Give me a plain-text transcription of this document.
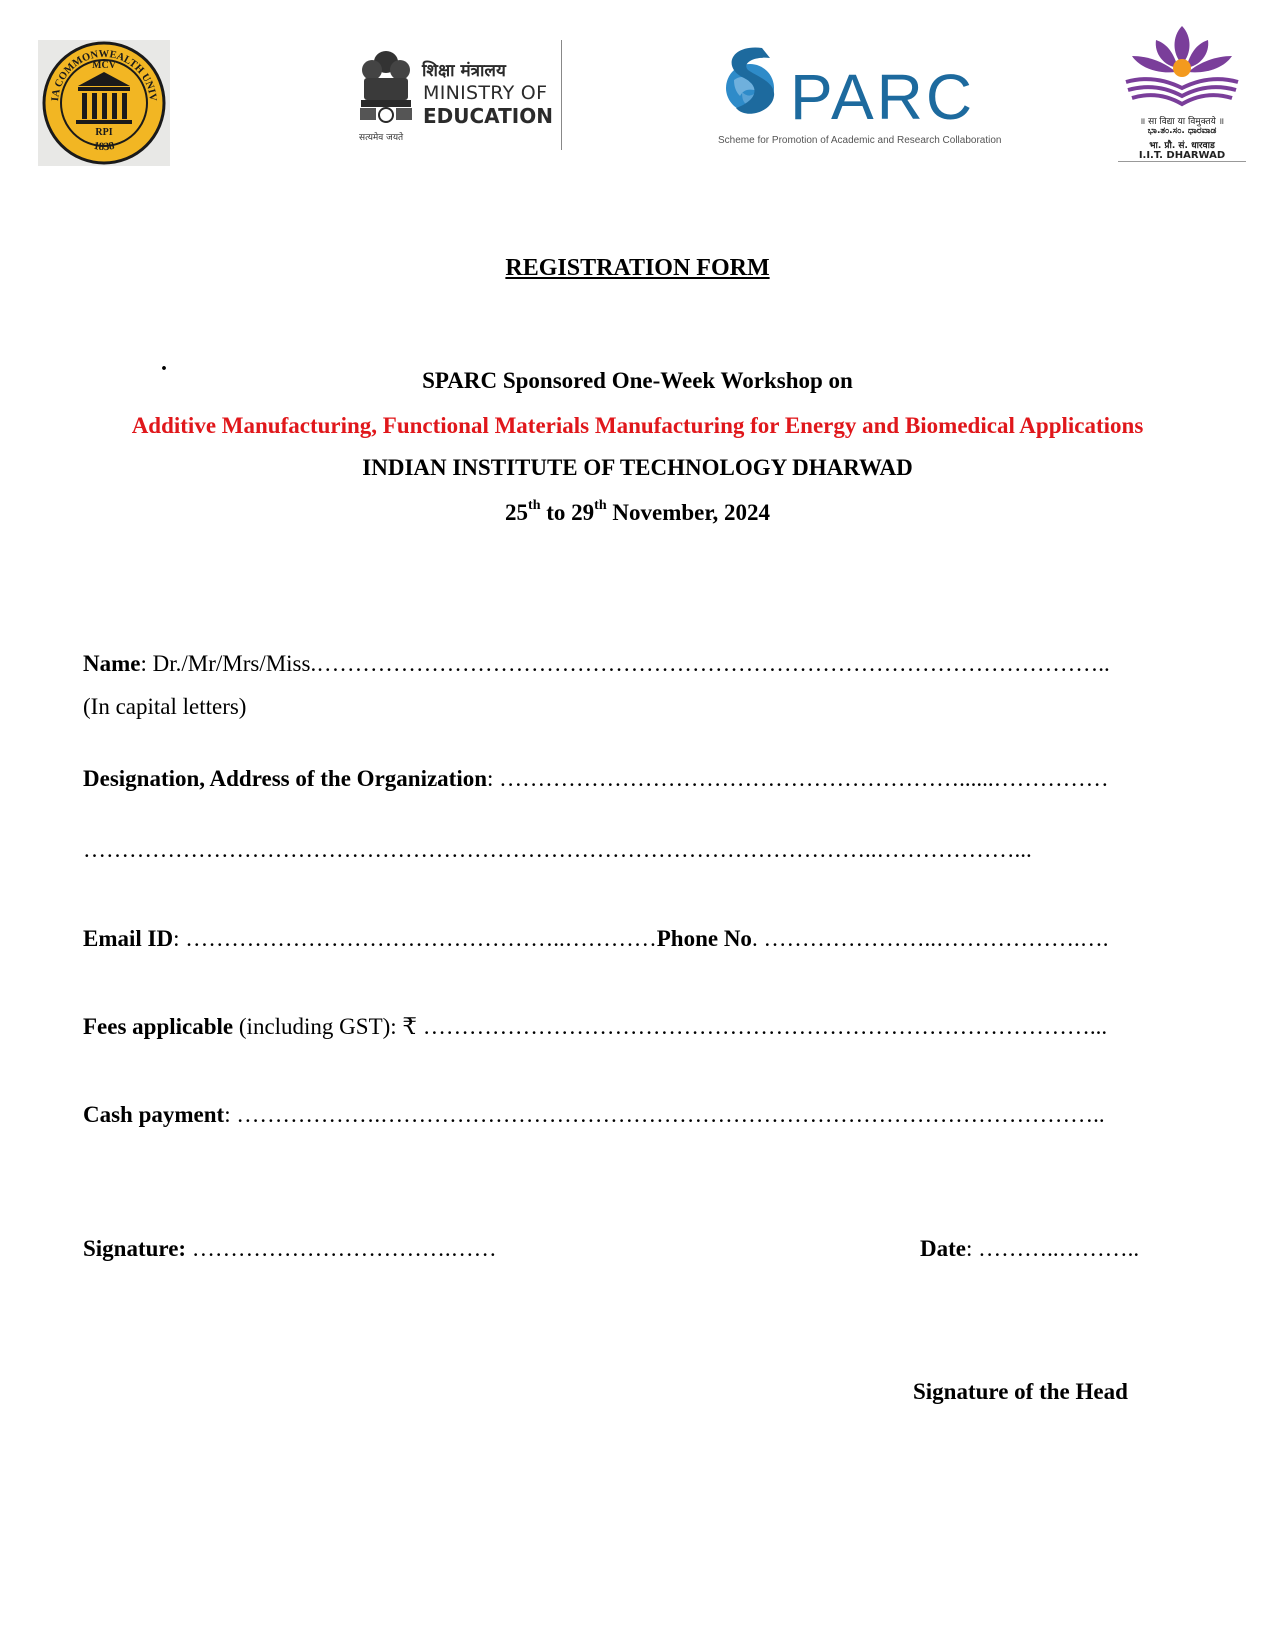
IA COMMONWEALTH UNIV
1838
MCV
RPI
शिक्षा मंत्रालय
MINISTRY OF
EDUCATION
सत्यमेव जयते
PARC
Scheme for Promotion of Academic and Research Collaboration
॥ सा विद्या या विमुक्तये ॥
ಭಾ.ತಂ.ಸಂ. ಧಾರವಾಡ
भा. प्रौ. सं. धारवाड
I.I.T. DHARWAD
REGISTRATION FORM
.
SPARC Sponsored One-Week Workshop on
Additive Manufacturing, Functional Materials Manufacturing for Energy and Biomedical Applications
INDIAN INSTITUTE OF TECHNOLOGY DHARWAD
25th to 29th November, 2024
Name: Dr./Mr/Mrs/Miss.…………………………………………………………………………………………..
(In capital letters)
Designation, Address of the Organization: ……………………………………………………......……………
…………………………………………………………………………………………..………………...
Email ID: …………………………………………..…………Phone No. …………………..……………….….
Fees applicable (including GST): ₹ ……………………………………………………………………………...
Cash payment: ……………….…………………………………………………………………………………..
Signature: …………………………….……	Date: ………..………..
Signature of the Head
